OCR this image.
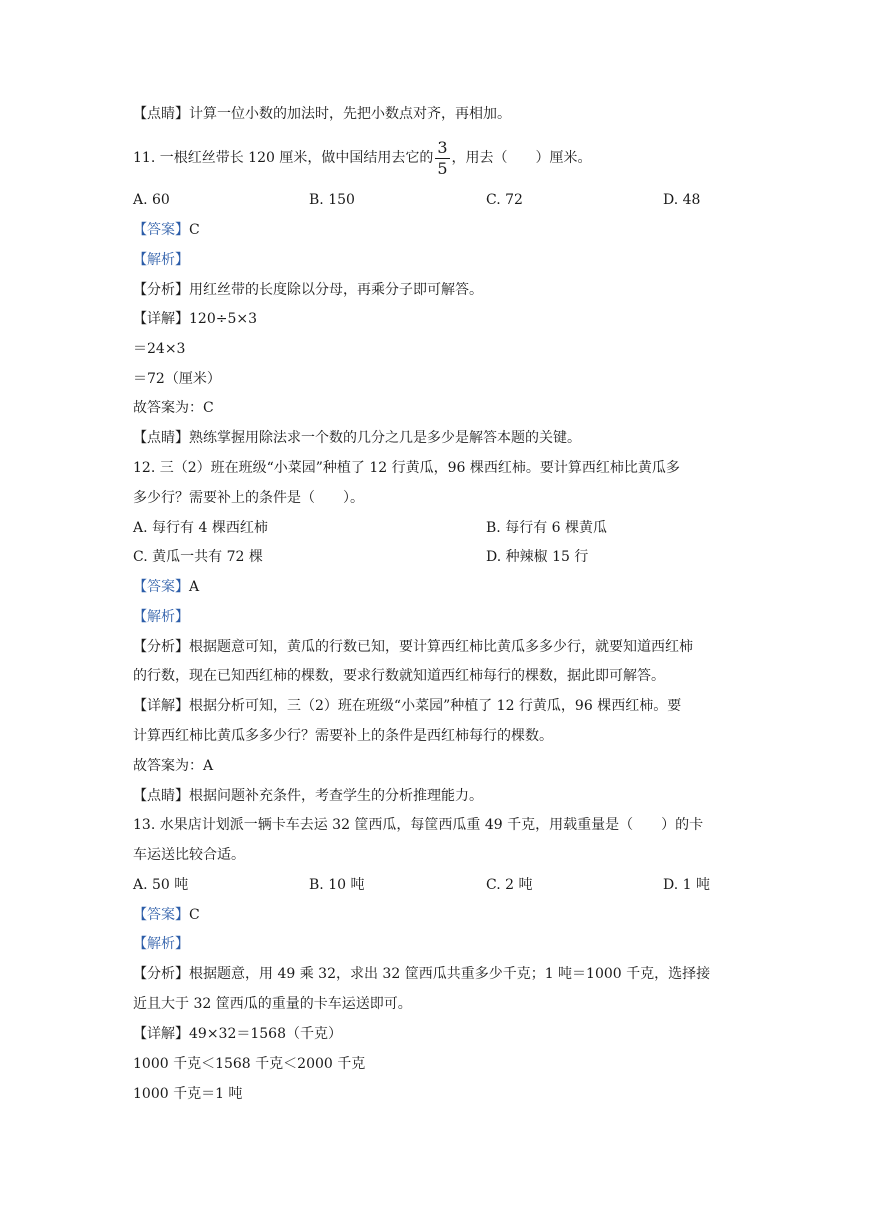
【点睛】计算一位小数的加法时，先把小数点对齐，再相加。
11. 一根红丝带长 120 厘米，做中国结用去它的 $\frac{3}{5}$ ，用去（　　）厘米。
A. 60	B. 150	C. 72	D. 48
【答案】C
【解析】
【分析】用红丝带的长度除以分母，再乘分子即可解答。
【详解】120÷5×3
＝24×3
＝72（厘米）
故答案为：C
【点睛】熟练掌握用除法求一个数的几分之几是多少是解答本题的关键。
12. 三（2）班在班级“小菜园”种植了 12 行黄瓜，96 棵西红柿。要计算西红柿比黄瓜多
多少行？需要补上的条件是（　　）。
A. 每行有 4 棵西红柿	B. 每行有 6 棵黄瓜
C. 黄瓜一共有 72 棵	D. 种辣椒 15 行
【答案】A
【解析】
【分析】根据题意可知，黄瓜的行数已知，要计算西红柿比黄瓜多多少行，就要知道西红柿
的行数，现在已知西红柿的棵数，要求行数就知道西红柿每行的棵数，据此即可解答。
【详解】根据分析可知，三（2）班在班级“小菜园”种植了 12 行黄瓜，96 棵西红柿。要
计算西红柿比黄瓜多多少行？需要补上的条件是西红柿每行的棵数。
故答案为：A
【点睛】根据问题补充条件，考查学生的分析推理能力。
13. 水果店计划派一辆卡车去运 32 筐西瓜，每筐西瓜重 49 千克，用载重量是（　　）的卡
车运送比较合适。
A. 50 吨	B. 10 吨	C. 2 吨	D. 1 吨
【答案】C
【解析】
【分析】根据题意，用 49 乘 32，求出 32 筐西瓜共重多少千克；1 吨＝1000 千克，选择接
近且大于 32 筐西瓜的重量的卡车运送即可。
【详解】49×32＝1568（千克）
1000 千克＜1568 千克＜2000 千克
1000 千克＝1 吨
